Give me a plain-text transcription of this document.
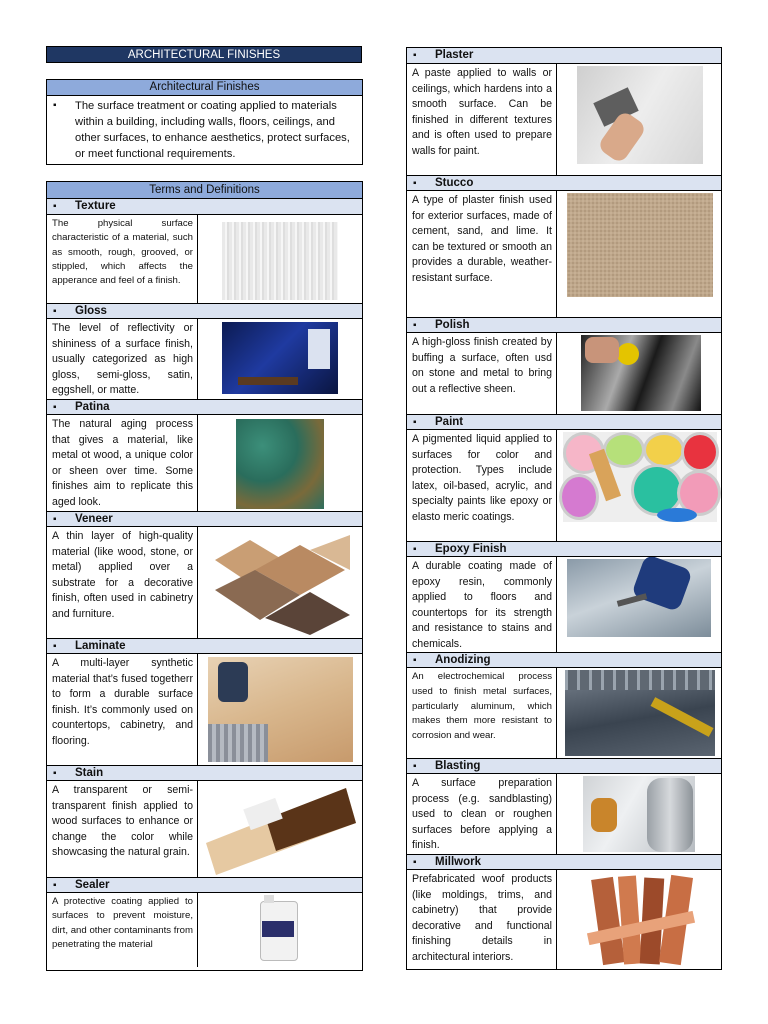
ARCHITECTURAL FINISHES
Architectural Finishes
▪	The surface treatment or coating applied to materials within a building, including walls, floors, ceilings, and other surfaces, to enhance aesthetics, protect surfaces, or meet functional requirements.
Terms and Definitions
▪ Texture
The physical surface characteristic of a material, such as smooth, rough, grooved, or stippled, which affects the apperance and feel of a finish.
▪ Gloss
The level of reflectivity or shininess of a surface finish, usually categorized as high gloss, semi-gloss, satin, eggshell, or matte.
▪ Patina
The natural aging process that gives a material, like metal ot wood, a unique color or sheen over time. Some finishes aim to replicate this aged look.
▪ Veneer
A thin layer of high-quality material (like wood, stone, or metal) applied over a substrate for a decorative finish, often used in cabinetry and furniture.
▪ Laminate
A multi-layer synthetic material that’s fused togetherr to form a durable surface finish. It’s commonly used on countertops, cabinetry, and flooring.
▪ Stain
A transparent or semi-transparent finish applied to wood surfaces to enhance or change the color while showcasing the natural grain.
▪ Sealer
A protective coating applied to surfaces to prevent moisture, dirt, and other contaminants from penetrating the material
▪ Plaster
A paste applied to walls or ceilings, which hardens into a smooth surface. Can be finished in different textures and is often used to prepare walls for paint.
▪ Stucco
A type of plaster finish used for exterior surfaces, made of cement, sand, and lime. It can be textured or smooth an provides a durable, weather-resistant surface.
▪ Polish
A high-gloss finish created by buffing a surface, often usd on stone and metal to bring out a reflective sheen.
▪ Paint
A pigmented liquid applied to surfaces for color and protection. Types include latex, oil-based, acrylic, and specialty paints like epoxy or elasto meric coatings.
▪ Epoxy Finish
A durable coating made of epoxy resin, commonly applied to floors and countertops for its strength and resistance to stains and chemicals.
▪ Anodizing
An electrochemical process used to finish metal surfaces, particularly aluminum, which makes them more resistant to corrosion and wear.
▪ Blasting
A surface preparation process (e.g. sandblasting) used to clean or roughen surfaces before applying a finish.
▪ Millwork
Prefabricated woof products (like moldings, trims, and cabinetry) that provide decorative and functional finishing details in architectural interiors.
